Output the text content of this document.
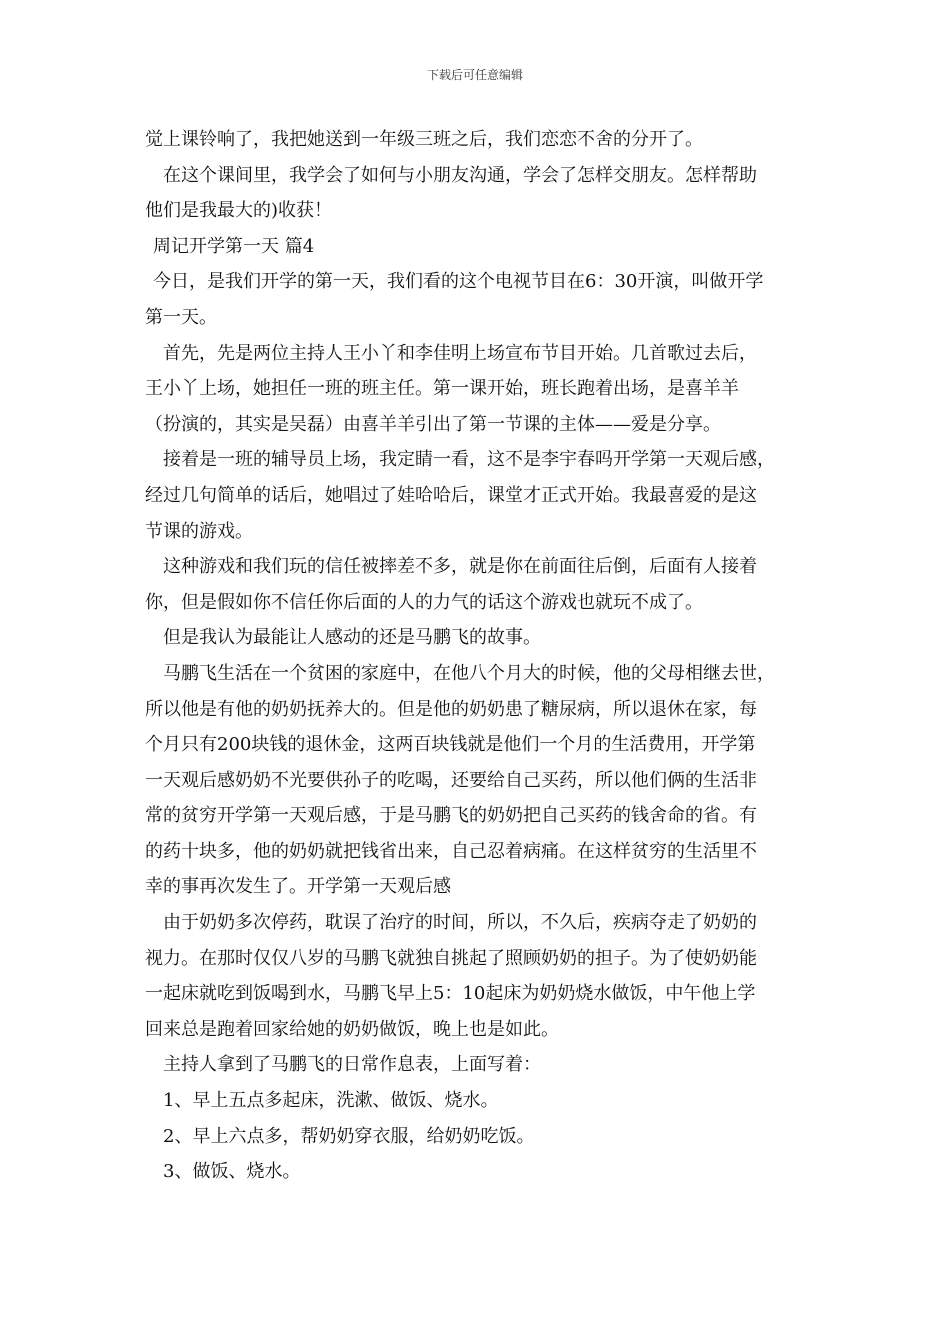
下载后可任意编辑
觉上课铃响了，我把她送到一年级三班之后，我们恋恋不舍的分开了。
在这个课间里，我学会了如何与小朋友沟通，学会了怎样交朋友。怎样帮助
他们是我最大的)收获！
周记开学第一天 篇4
今日，是我们开学的第一天，我们看的这个电视节目在6：30开演，叫做开学
第一天。
首先，先是两位主持人王小丫和李佳明上场宣布节目开始。几首歌过去后，
王小丫上场，她担任一班的班主任。第一课开始，班长跑着出场，是喜羊羊
（扮演的，其实是吴磊）由喜羊羊引出了第一节课的主体——爱是分享。
接着是一班的辅导员上场，我定睛一看，这不是李宇春吗开学第一天观后感，
经过几句简单的话后，她唱过了娃哈哈后，课堂才正式开始。我最喜爱的是这
节课的游戏。
这种游戏和我们玩的信任被摔差不多，就是你在前面往后倒，后面有人接着
你，但是假如你不信任你后面的人的力气的话这个游戏也就玩不成了。
但是我认为最能让人感动的还是马鹏飞的故事。
马鹏飞生活在一个贫困的家庭中，在他八个月大的时候，他的父母相继去世，
所以他是有他的奶奶抚养大的。但是他的奶奶患了糖尿病，所以退休在家，每
个月只有200块钱的退休金，这两百块钱就是他们一个月的生活费用，开学第
一天观后感奶奶不光要供孙子的吃喝，还要给自己买药，所以他们俩的生活非
常的贫穷开学第一天观后感，于是马鹏飞的奶奶把自己买药的钱舍命的省。有
的药十块多，他的奶奶就把钱省出来，自己忍着病痛。在这样贫穷的生活里不
幸的事再次发生了。开学第一天观后感
由于奶奶多次停药，耽误了治疗的时间，所以，不久后，疾病夺走了奶奶的
视力。在那时仅仅八岁的马鹏飞就独自挑起了照顾奶奶的担子。为了使奶奶能
一起床就吃到饭喝到水，马鹏飞早上5：10起床为奶奶烧水做饭，中午他上学
回来总是跑着回家给她的奶奶做饭，晚上也是如此。
主持人拿到了马鹏飞的日常作息表，上面写着：
1、早上五点多起床，洗漱、做饭、烧水。
2、早上六点多，帮奶奶穿衣服，给奶奶吃饭。
3、做饭、烧水。
